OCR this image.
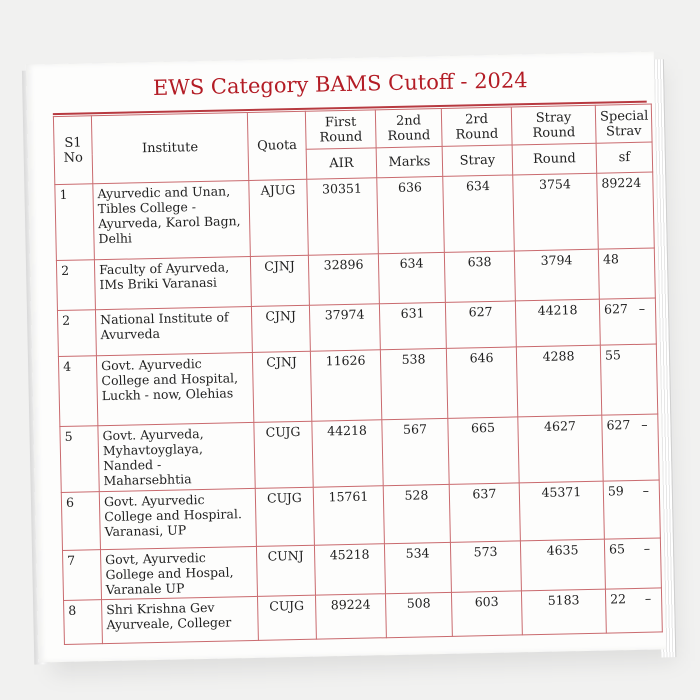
EWS Category BAMS Cutoff - 2024
S1 No	Institute	Quota	First Round	2nd Round	2rd Round	Stray Round	Special Strav
			AIR	Marks	Stray	Round	sf
1	Ayurvedic and Unan, Tibles College - Ayurveda, Karol Bagn, Delhi	AJUG	30351	636	634	3754	89224

2	Faculty of Ayurveda, IMs Briki Varanasi	CJNJ	32896	634	638	3794	48

2	National Institute of Avurveda	CJNJ	37974	631	627	44218	627 –

4	Govt. Ayurvedic College and Hospital, Luckh - now, Olehias	CJNJ	11626	538	646	4288	55

5	Govt. Ayurveda, Myhavtoyglaya, Nanded - Maharsebhtia	CUJG	44218	567	665	4627	627 –

6	Govt. Ayurvedic College and Hospiral. Varanasi, UP	CUJG	15761	528	637	45371	59 –

7	Govt, Ayurvedic Gollege and Hospal, Varanale UP	CUNJ	45218	534	573	4635	65 –

8	Shri Krishna Gev Ayurveale, Colleger	CUJG	89224	508	603	5183	22 –
